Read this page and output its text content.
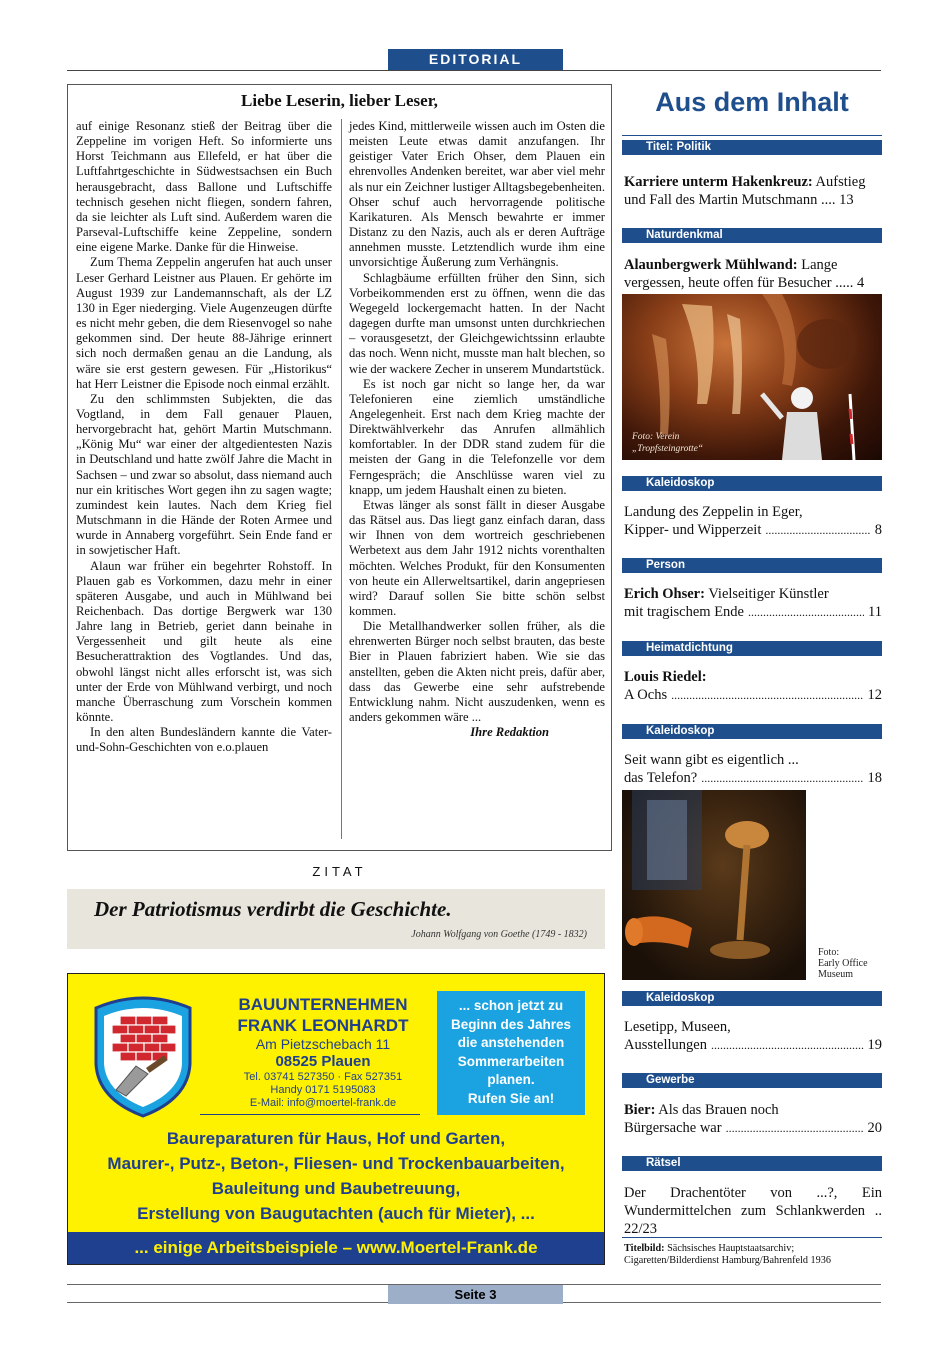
EDITORIAL
Liebe Leserin, lieber Leser,

auf einige Resonanz stieß der Beitrag über die Zeppeline im vorigen Heft. So informierte uns Horst Teichmann aus Ellefeld, er hat über die Luftfahrtgeschichte in Südwestsachsen ein Buch herausgebracht, dass Ballone und Luftschiffe technisch gesehen nicht fliegen, sondern fahren, da sie leichter als Luft sind. Außerdem waren die Parseval-Luftschiffe keine Zeppeline, sondern eine eigene Marke. Danke für die Hinweise.

Zum Thema Zeppelin angerufen hat auch unser Leser Gerhard Leistner aus Plauen. Er gehörte im August 1939 zur Landemannschaft, als der LZ 130 in Eger niederging. Viele Augenzeugen dürfte es nicht mehr geben, die dem Riesenvogel so nahe gekommen sind. Der heute 88-Jährige erinnert sich noch dermaßen genau an die Landung, als wäre sie erst gestern gewesen. Für „Historikus“ hat Herr Leistner die Episode noch einmal erzählt.

Zu den schlimmsten Subjekten, die das Vogtland, in dem Fall genauer Plauen, hervorgebracht hat, gehört Martin Mutschmann. „König Mu“ war einer der altgedientesten Nazis in Deutschland und hatte zwölf Jahre die Macht in Sachsen – und zwar so absolut, dass niemand auch nur ein kritisches Wort gegen ihn zu sagen wagte; zumindest kein lautes. Nach dem Krieg fiel Mutschmann in die Hände der Roten Armee und wurde in Annaberg vorgeführt. Sein Ende fand er in sowjetischer Haft.

Alaun war früher ein begehrter Rohstoff. In Plauen gab es Vorkommen, dazu mehr in einer späteren Ausgabe, und auch in Mühlwand bei Reichenbach. Das dortige Bergwerk war 130 Jahre lang in Betrieb, geriet dann beinahe in Vergessenheit und gilt heute als eine Besucherattraktion des Vogtlandes. Und das, obwohl längst nicht alles erforscht ist, was sich unter der Erde von Mühlwand verbirgt, und noch manche Überraschung zum Vorschein kommen könnte.

In den alten Bundesländern kannte die Vater-und-Sohn-Geschichten von e.o.plauen

jedes Kind, mittlerweile wissen auch im Osten die meisten Leute etwas damit anzufangen. Ihr geistiger Vater Erich Ohser, dem Plauen ein ehrenvolles Andenken bereitet, war aber viel mehr als nur ein Zeichner lustiger Alltagsbegebenheiten. Ohser schuf auch hervorragende politische Karikaturen. Als Mensch bewahrte er immer Distanz zu den Nazis, auch als er deren Aufträge annehmen musste. Letztendlich wurde ihm eine unvorsichtige Äußerung zum Verhängnis.

Schlagbäume erfüllten früher den Sinn, sich Vorbeikommenden erst zu öffnen, wenn die das Wegegeld lockergemacht hatten. In der Nacht dagegen durfte man umsonst unten durchkriechen – vorausgesetzt, der Gleichgewichtssinn erlaubte das noch. Wenn nicht, musste man halt blechen, so wie der wackere Zecher in unserem Mundartstück.

Es ist noch gar nicht so lange her, da war Telefonieren eine ziemlich umständliche Angelegenheit. Erst nach dem Krieg machte der Direktwählverkehr das Anrufen allmählich komfortabler. In der DDR stand zudem für die meisten der Gang in die Telefonzelle vor dem Ferngespräch; die Anschlüsse waren viel zu knapp, um jedem Haushalt einen zu bieten.

Etwas länger als sonst fällt in dieser Ausgabe das Rätsel aus. Das liegt ganz einfach daran, dass wir Ihnen von dem wortreich geschriebenen Werbetext aus dem Jahr 1912 nichts vorenthalten möchten. Welches Produkt, für den Konsumenten von heute ein Allerweltsartikel, darin angepriesen wird? Darauf sollen Sie bitte schön selbst kommen.

Die Metallhandwerker sollen früher, als die ehrenwerten Bürger noch selbst brauten, das beste Bier in Plauen fabriziert haben. Wie sie das anstellten, geben die Akten nicht preis, dafür aber, dass das Gewerbe eine sehr aufstrebende Entwicklung nahm. Nicht auszudenken, wenn es anders gekommen wäre ...

Ihre Redaktion
ZITAT
Der Patriotismus verdirbt die Geschichte.
Johann Wolfgang von Goethe (1749 - 1832)
BAUUNTERNEHMEN
FRANK LEONHARDT
Am Pietzschebach 11
08525 Plauen
Tel. 03741 527350 · Fax 527351
Handy 0171 5195083
E-Mail: info@moertel-frank.de
... schon jetzt zu
Beginn des Jahres
die anstehenden
Sommerarbeiten
planen.
Rufen Sie an!
Baureparaturen für Haus, Hof und Garten,
Maurer-, Putz-, Beton-, Fliesen- und Trockenbauarbeiten,
Bauleitung und Baubetreuung,
Erstellung von Baugutachten (auch für Mieter), ...
... einige Arbeitsbeispiele – www.Moertel-Frank.de
Aus dem Inhalt
Titel: Politik
Karriere unterm Hakenkreuz: Aufstieg und Fall des Martin Mutschmann .... 13
Naturdenkmal
Alaunbergwerk Mühlwand: Lange vergessen, heute offen für Besucher ..... 4
Foto: Verein
„Tropfsteingrotte“
Kaleidoskop
Landung des Zeppelin in Eger,
Kipper- und Wipperzeit .....	8
Person
Erich Ohser: Vielseitiger Künstler
mit tragischem Ende .....	11
Heimatdichtung
Louis Riedel:
A Ochs .....	12
Kaleidoskop
Seit wann gibt es eigentlich ...
das Telefon? .....	18
Foto:
Early Office
Museum
Kaleidoskop
Lesetipp, Museen,
Ausstellungen .....	19
Gewerbe
Bier: Als das Brauen noch
Bürgersache war .....	20
Rätsel
Der Drachentöter von ...?, Ein Wundermittelchen zum Schlankwerden .. 22/23
Titelbild: Sächsisches Hauptstaatsarchiv; Cigaretten/Bilderdienst Hamburg/Bahrenfeld 1936
Seite 3
